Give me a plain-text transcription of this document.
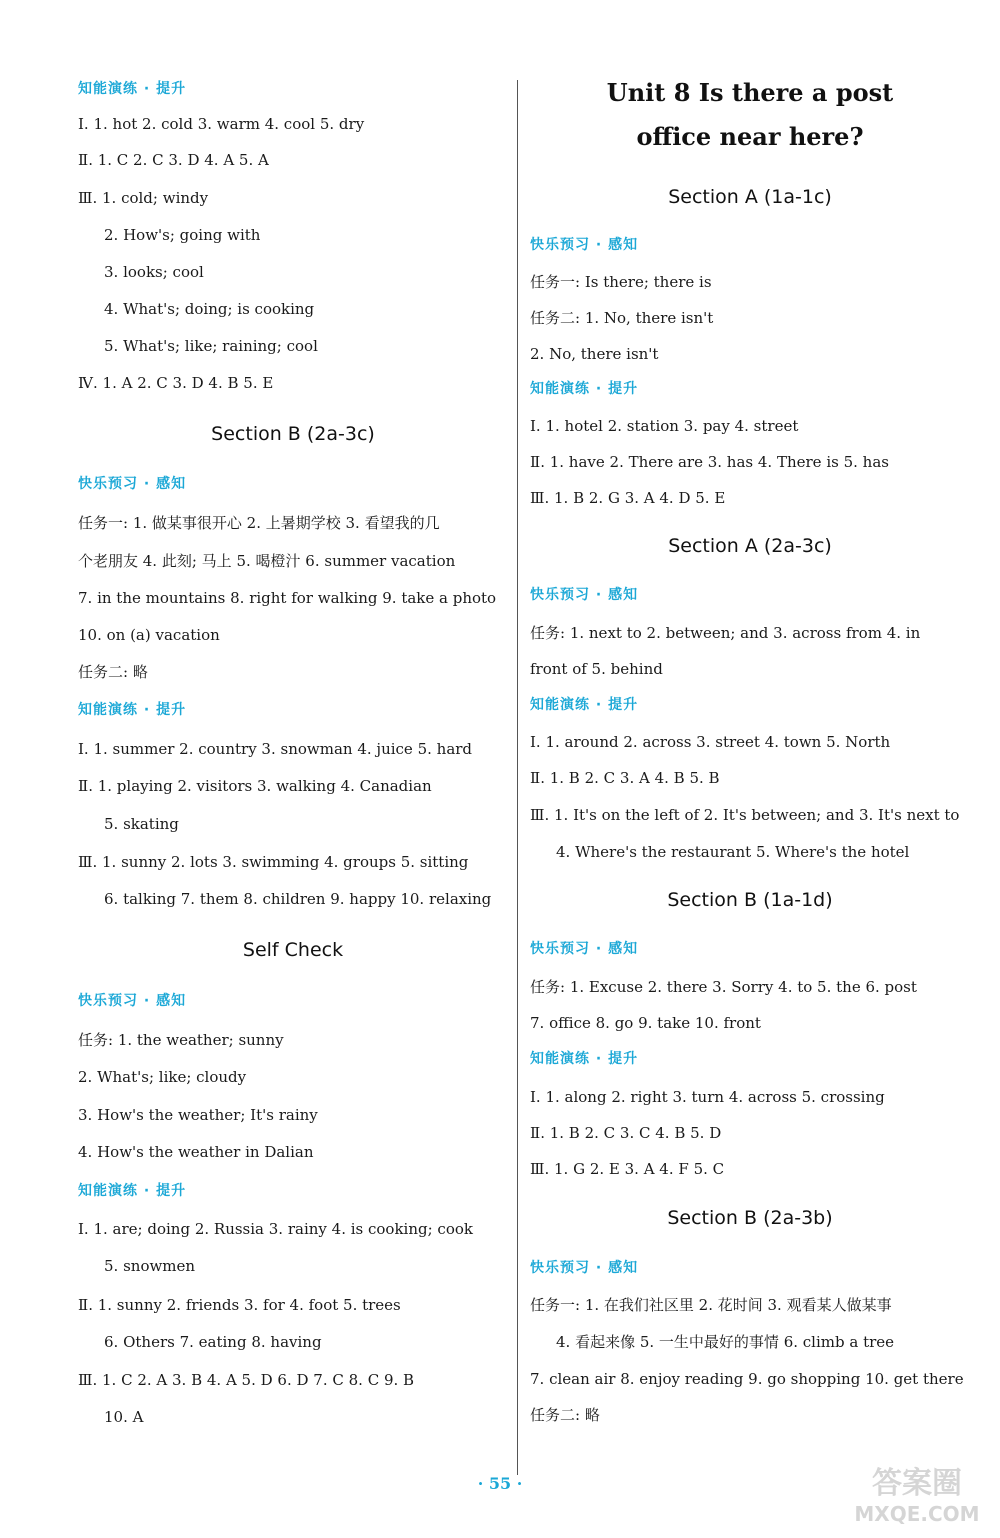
知能演练 · 提升
Ⅰ. 1. hot 2. cold 3. warm 4. cool 5. dry
Ⅱ. 1. C 2. C 3. D 4. A 5. A
Ⅲ. 1. cold; windy
2. How's; going with
3. looks; cool
4. What's; doing; is cooking
5. What's; like; raining; cool
Ⅳ. 1. A 2. C 3. D 4. B 5. E
Section B (2a-3c)
快乐预习 · 感知
任务一: 1. 做某事很开心 2. 上暑期学校 3. 看望我的几
个老朋友 4. 此刻; 马上 5. 喝橙汁 6. summer vacation
7. in the mountains 8. right for walking 9. take a photo
10. on (a) vacation
任务二: 略
知能演练 · 提升
Ⅰ. 1. summer 2. country 3. snowman 4. juice 5. hard
Ⅱ. 1. playing 2. visitors 3. walking 4. Canadian
5. skating
Ⅲ. 1. sunny 2. lots 3. swimming 4. groups 5. sitting
6. talking 7. them 8. children 9. happy 10. relaxing
Self Check
快乐预习 · 感知
任务: 1. the weather; sunny
2. What's; like; cloudy
3. How's the weather; It's rainy
4. How's the weather in Dalian
知能演练 · 提升
Ⅰ. 1. are; doing 2. Russia 3. rainy 4. is cooking; cook
5. snowmen
Ⅱ. 1. sunny 2. friends 3. for 4. foot 5. trees
6. Others 7. eating 8. having
Ⅲ. 1. C 2. A 3. B 4. A 5. D 6. D 7. C 8. C 9. B
10. A
Unit 8 Is there a post
office near here?
Section A (1a-1c)
快乐预习 · 感知
任务一: Is there; there is
任务二: 1. No, there isn't
2. No, there isn't
知能演练 · 提升
Ⅰ. 1. hotel 2. station 3. pay 4. street
Ⅱ. 1. have 2. There are 3. has 4. There is 5. has
Ⅲ. 1. B 2. G 3. A 4. D 5. E
Section A (2a-3c)
快乐预习 · 感知
任务: 1. next to 2. between; and 3. across from 4. in
front of 5. behind
知能演练 · 提升
Ⅰ. 1. around 2. across 3. street 4. town 5. North
Ⅱ. 1. B 2. C 3. A 4. B 5. B
Ⅲ. 1. It's on the left of 2. It's between; and 3. It's next to
4. Where's the restaurant 5. Where's the hotel
Section B (1a-1d)
快乐预习 · 感知
任务: 1. Excuse 2. there 3. Sorry 4. to 5. the 6. post
7. office 8. go 9. take 10. front
知能演练 · 提升
Ⅰ. 1. along 2. right 3. turn 4. across 5. crossing
Ⅱ. 1. B 2. C 3. C 4. B 5. D
Ⅲ. 1. G 2. E 3. A 4. F 5. C
Section B (2a-3b)
快乐预习 · 感知
任务一: 1. 在我们社区里 2. 花时间 3. 观看某人做某事
4. 看起来像 5. 一生中最好的事情 6. climb a tree
7. clean air 8. enjoy reading 9. go shopping 10. get there
任务二: 略
· 55 ·	答案圈
MXQE.COM
